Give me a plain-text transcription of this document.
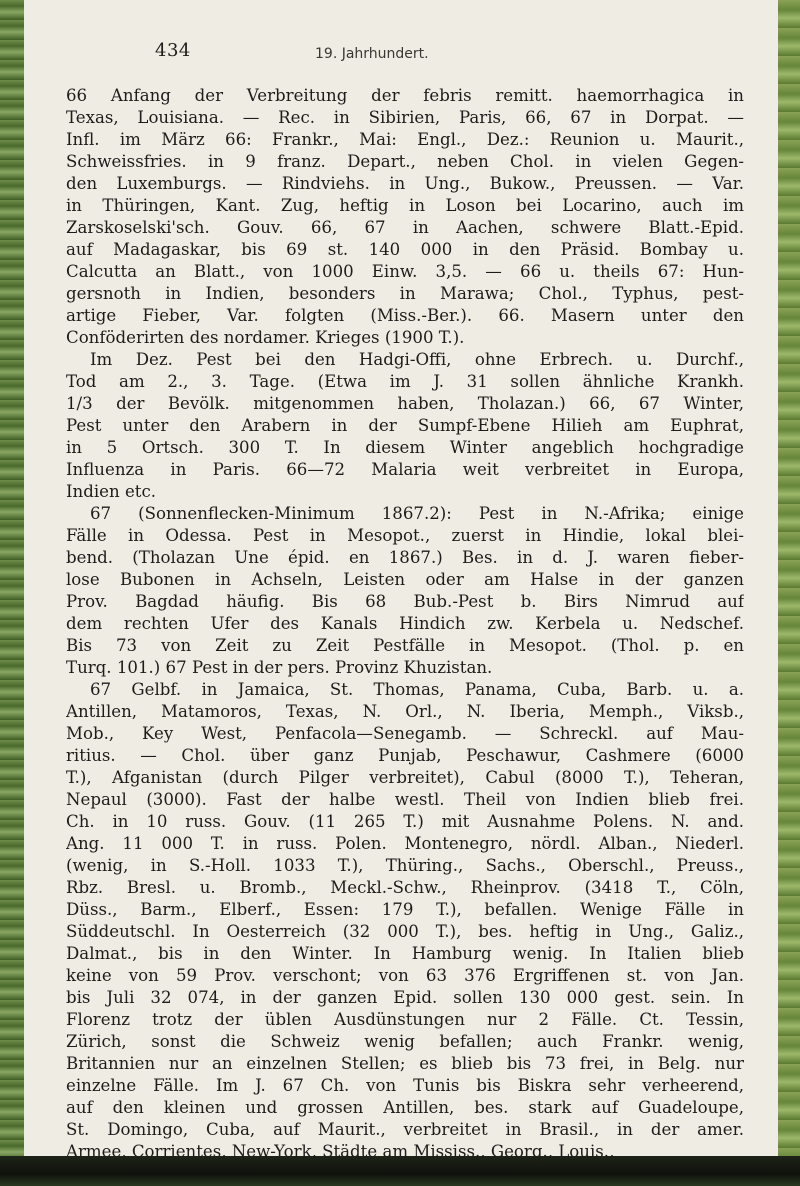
434	19. Jahrhundert.
66 Anfang der Verbreitung der febris remitt. haemorrhagica in
Texas, Louisiana. — Rec. in Sibirien, Paris, 66, 67 in Dorpat. —
Infl. im März 66: Frankr., Mai: Engl., Dez.: Reunion u. Maurit.,
Schweissfries. in 9 franz. Depart., neben Chol. in vielen Gegen-
den Luxemburgs. — Rindviehs. in Ung., Bukow., Preussen. — Var.
in Thüringen, Kant. Zug, heftig in Loson bei Locarino, auch im
Zarskoselski'sch. Gouv. 66, 67 in Aachen, schwere Blatt.-Epid.
auf Madagaskar, bis 69 st. 140 000 in den Präsid. Bombay u.
Calcutta an Blatt., von 1000 Einw. 3,5. — 66 u. theils 67: Hun-
gersnoth in Indien, besonders in Marawa; Chol., Typhus, pest-
artige Fieber, Var. folgten (Miss.-Ber.). 66. Masern unter den
Conföderirten des nordamer. Krieges (1900 T.).
Im Dez. Pest bei den Hadgi-Offi, ohne Erbrech. u. Durchf.,
Tod am 2., 3. Tage. (Etwa im J. 31 sollen ähnliche Krankh.
1/3 der Bevölk. mitgenommen haben, Tholazan.) 66, 67 Winter,
Pest unter den Arabern in der Sumpf-Ebene Hilieh am Euphrat,
in 5 Ortsch. 300 T. In diesem Winter angeblich hochgradige
Influenza in Paris. 66—72 Malaria weit verbreitet in Europa,
Indien etc.
67 (Sonnenflecken-Minimum 1867.2): Pest in N.-Afrika; einige
Fälle in Odessa. Pest in Mesopot., zuerst in Hindie, lokal blei-
bend. (Tholazan Une épid. en 1867.) Bes. in d. J. waren fieber-
lose Bubonen in Achseln, Leisten oder am Halse in der ganzen
Prov. Bagdad häufig. Bis 68 Bub.-Pest b. Birs Nimrud auf
dem rechten Ufer des Kanals Hindich zw. Kerbela u. Nedschef.
Bis 73 von Zeit zu Zeit Pestfälle in Mesopot. (Thol. p. en
Turq. 101.) 67 Pest in der pers. Provinz Khuzistan.
67 Gelbf. in Jamaica, St. Thomas, Panama, Cuba, Barb. u. a.
Antillen, Matamoros, Texas, N. Orl., N. Iberia, Memph., Viksb.,
Mob., Key West, Penfacola—Senegamb. — Schreckl. auf Mau-
ritius. — Chol. über ganz Punjab, Peschawur, Cashmere (6000
T.), Afganistan (durch Pilger verbreitet), Cabul (8000 T.), Teheran,
Nepaul (3000). Fast der halbe westl. Theil von Indien blieb frei.
Ch. in 10 russ. Gouv. (11 265 T.) mit Ausnahme Polens. N. and.
Ang. 11 000 T. in russ. Polen. Montenegro, nördl. Alban., Niederl.
(wenig, in S.-Holl. 1033 T.), Thüring., Sachs., Oberschl., Preuss.,
Rbz. Bresl. u. Bromb., Meckl.-Schw., Rheinprov. (3418 T., Cöln,
Düss., Barm., Elberf., Essen: 179 T.), befallen. Wenige Fälle in
Süddeutschl. In Oesterreich (32 000 T.), bes. heftig in Ung., Galiz.,
Dalmat., bis in den Winter. In Hamburg wenig. In Italien blieb
keine von 59 Prov. verschont; von 63 376 Ergriffenen st. von Jan.
bis Juli 32 074, in der ganzen Epid. sollen 130 000 gest. sein. In
Florenz trotz der üblen Ausdünstungen nur 2 Fälle. Ct. Tessin,
Zürich, sonst die Schweiz wenig befallen; auch Frankr. wenig,
Britannien nur an einzelnen Stellen; es blieb bis 73 frei, in Belg. nur
einzelne Fälle. Im J. 67 Ch. von Tunis bis Biskra sehr verheerend,
auf den kleinen und grossen Antillen, bes. stark auf Guadeloupe,
St. Domingo, Cuba, auf Maurit., verbreitet in Brasil., in der amer.
Armee, Corrientes, New-York, Städte am Mississ., Georg., Louis.,
